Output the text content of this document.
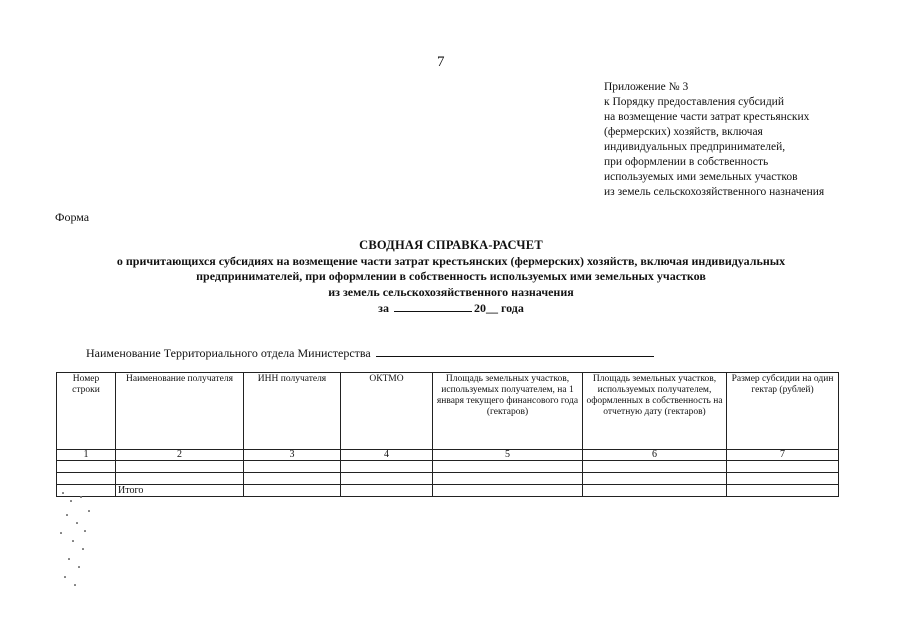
7
Приложение № 3
к Порядку предоставления субсидий
на возмещение части затрат крестьянских
(фермерских) хозяйств, включая
индивидуальных предпринимателей,
при оформлении в собственность
используемых ими земельных участков
из земель сельскохозяйственного назначения
Форма
СВОДНАЯ СПРАВКА-РАСЧЕТ
о причитающихся субсидиях на возмещение части затрат крестьянских (фермерских) хозяйств, включая индивидуальных
предпринимателей, при оформлении в собственность используемых ими земельных участков
из земель сельскохозяйственного назначения
за	20__ года
Наименование Территориального отдела Министерства
Номер строки	Наименование получателя	ИНН получателя	ОКТМО	Площадь земельных участков, используемых получателем, на 1 января текущего финансового года (гектаров)	Площадь земельных участков, используемых получателем, оформленных в собственность на отчетную дату (гектаров)	Размер субсидии на один гектар (рублей)
1	2	3	4	5	6	7

	Итого					
